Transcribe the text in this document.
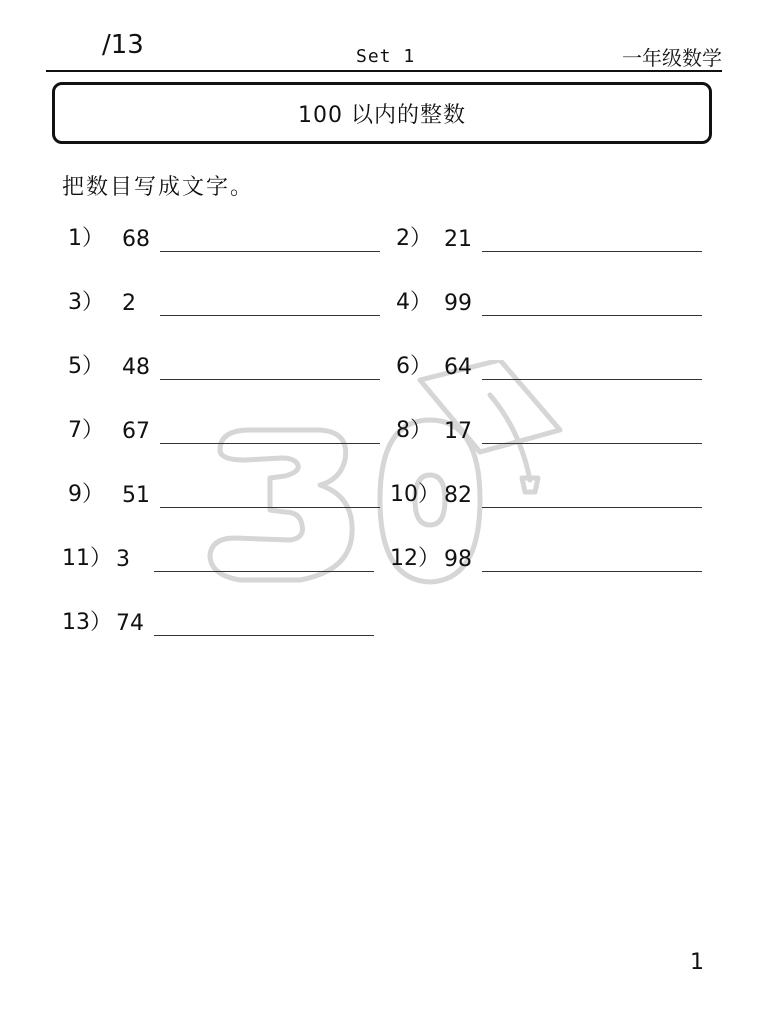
/13	Set 1	一年级数学
100 以内的整数
把数目写成文字。
1） 68	2） 21
3） 2	4） 99
5） 48	6） 64
7） 67	8） 17
9） 51	10） 82
11） 3	12） 98
13） 74
1
